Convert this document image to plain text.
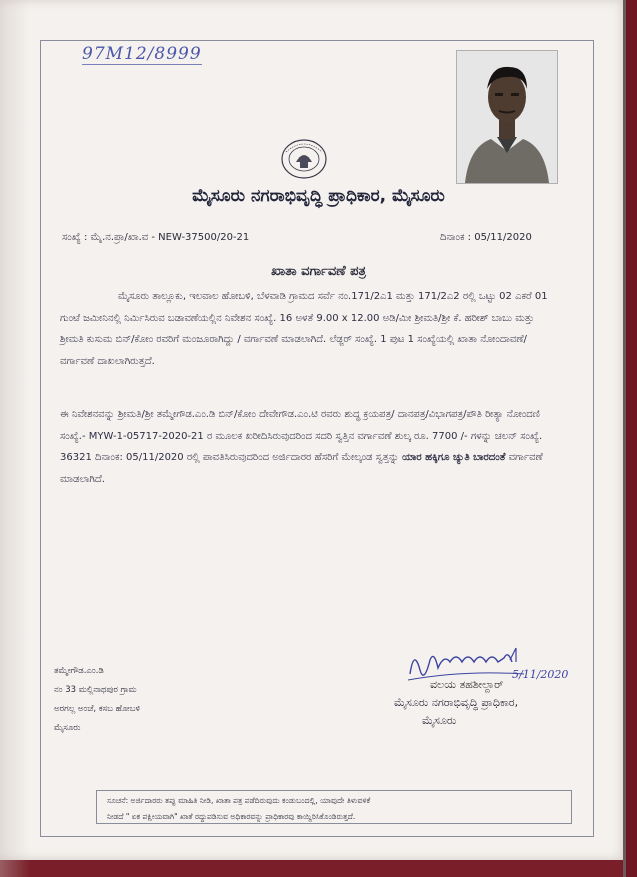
97M12/8999
ಮೈಸೂರು ನಗರಾಭಿವೃದ್ಧಿ ಪ್ರಾಧಿಕಾರ, ಮೈಸೂರು
ಸಂಖ್ಯೆ : ಮೈ.ನ.ಪ್ರಾ/ಖಾ.ವ - NEW-37500/20-21	ದಿನಾಂಕ : 05/11/2020
ಖಾತಾ ವರ್ಗಾವಣೆ ಪತ್ರ
ಮೈಸೂರು ತಾಲ್ಲೂಕು, ಇಲವಾಲ ಹೋಬಳಿ, ಬೆಳವಾಡಿ ಗ್ರಾಮದ ಸರ್ವೆ ನಂ.171/2ಎ1 ಮತ್ತು 171/2ಎ2 ರಲ್ಲಿ ಒಟ್ಟು 02 ಎಕರೆ 01 ಗುಂಟೆ ಜಮೀನಿನಲ್ಲಿ ನಿರ್ಮಿಸಿರುವ ಬಡಾವಣೆಯಲ್ಲಿನ ನಿವೇಶನ ಸಂಖ್ಯೆ. 16 ಅಳತೆ 9.00 x 12.00 ಅಡಿ/ಮೀ ಶ್ರೀಮತಿ/ಶ್ರೀ ಕೆ. ಹರೀಶ್ ಬಾಬು ಮತ್ತು ಶ್ರೀಮತಿ ಕುಸುಮ ಬಿನ್/ಕೋಂ ರವರಿಗೆ ಮಂಜೂರಾಗಿದ್ದು / ವರ್ಗಾವಣೆ ಮಾಡಲಾಗಿದೆ. ಲೆಡ್ಜರ್ ಸಂಖ್ಯೆ. 1 ಪುಟ 1 ಸಂಖ್ಯೆಯಲ್ಲಿ ಖಾತಾ ನೋಂದಾವಣೆ/ ವರ್ಗಾವಣೆ ದಾಖಲಾಗಿರುತ್ತದೆ.
ಈ ನಿವೇಶನವನ್ನು ಶ್ರೀಮತಿ/ಶ್ರೀ ತಮ್ಮೇಗೌಡ.ಎಂ.ಡಿ ಬಿನ್/ಕೋಂ ದೇವೇಗೌಡ.ಎಂ.ಟಿ ರವರು ಶುದ್ಧ ಕ್ರಯಪತ್ರ/ ದಾನಪತ್ರ/ವಿಭಾಗಪತ್ರ/ಪೌತಿ ರೀತ್ಯಾ ನೋಂದಣಿ ಸಂಖ್ಯೆ.- MYW-1-05717-2020-21 ರ ಮೂಲಕ ಖರೀದಿಸಿರುವುದರಿಂದ ಸದರಿ ಸ್ವತ್ತಿನ ವರ್ಗಾವಣೆ ಶುಲ್ಕ ರೂ. 7700 /- ಗಳನ್ನು ಚಲನ್ ಸಂಖ್ಯೆ. 36321 ದಿನಾಂಕ: 05/11/2020 ರಲ್ಲಿ ಪಾವತಿಸಿರುವುದರಿಂದ ಅರ್ಜಿದಾರರ ಹೆಸರಿಗೆ ಮೇಲ್ಕಂಡ ಸ್ವತ್ತನ್ನು ಯಾರ ಹಕ್ಕಿಗೂ ಚ್ಯುತಿ ಬಾರದಂತೆ ವರ್ಗಾವಣೆ ಮಾಡಲಾಗಿದೆ.
5/11/2020
ವಲಯ ತಹಶೀಲ್ದಾರ್
ಮೈಸೂರು ನಗರಾಭಿವೃದ್ಧಿ ಪ್ರಾಧಿಕಾರ,
ಮೈಸೂರು
ತಮ್ಮೇಗೌಡ.ಎಂ.ಡಿ
ನಂ 33 ಮಲ್ಲಿನಾಥಪುರ ಗ್ರಾಮ
ಅರಗಲ್ಲ ಅಂಚೆ, ಕಸಬ ಹೋಬಳಿ
ಮೈಸೂರು
ಸೂಚನೆ: ಅರ್ಜಿದಾರರು ತಪ್ಪು ಮಾಹಿತಿ ನೀಡಿ, ಖಾತಾ ಪತ್ರ ಪಡೆದಿರುವುದು ಕಂಡುಬಂದಲ್ಲಿ, ಯಾವುದೇ ತಿಳುವಳಿಕೆ
ನೀಡದೆ " ಏಕ ಪಕ್ಷೀಯವಾಗಿ" ಖಾತೆ ರದ್ದುಪಡಿಸುವ ಅಧಿಕಾರವನ್ನು ಪ್ರಾಧಿಕಾರವು ಕಾಯ್ದಿರಿಸಿಕೊಂಡಿರುತ್ತದೆ.
